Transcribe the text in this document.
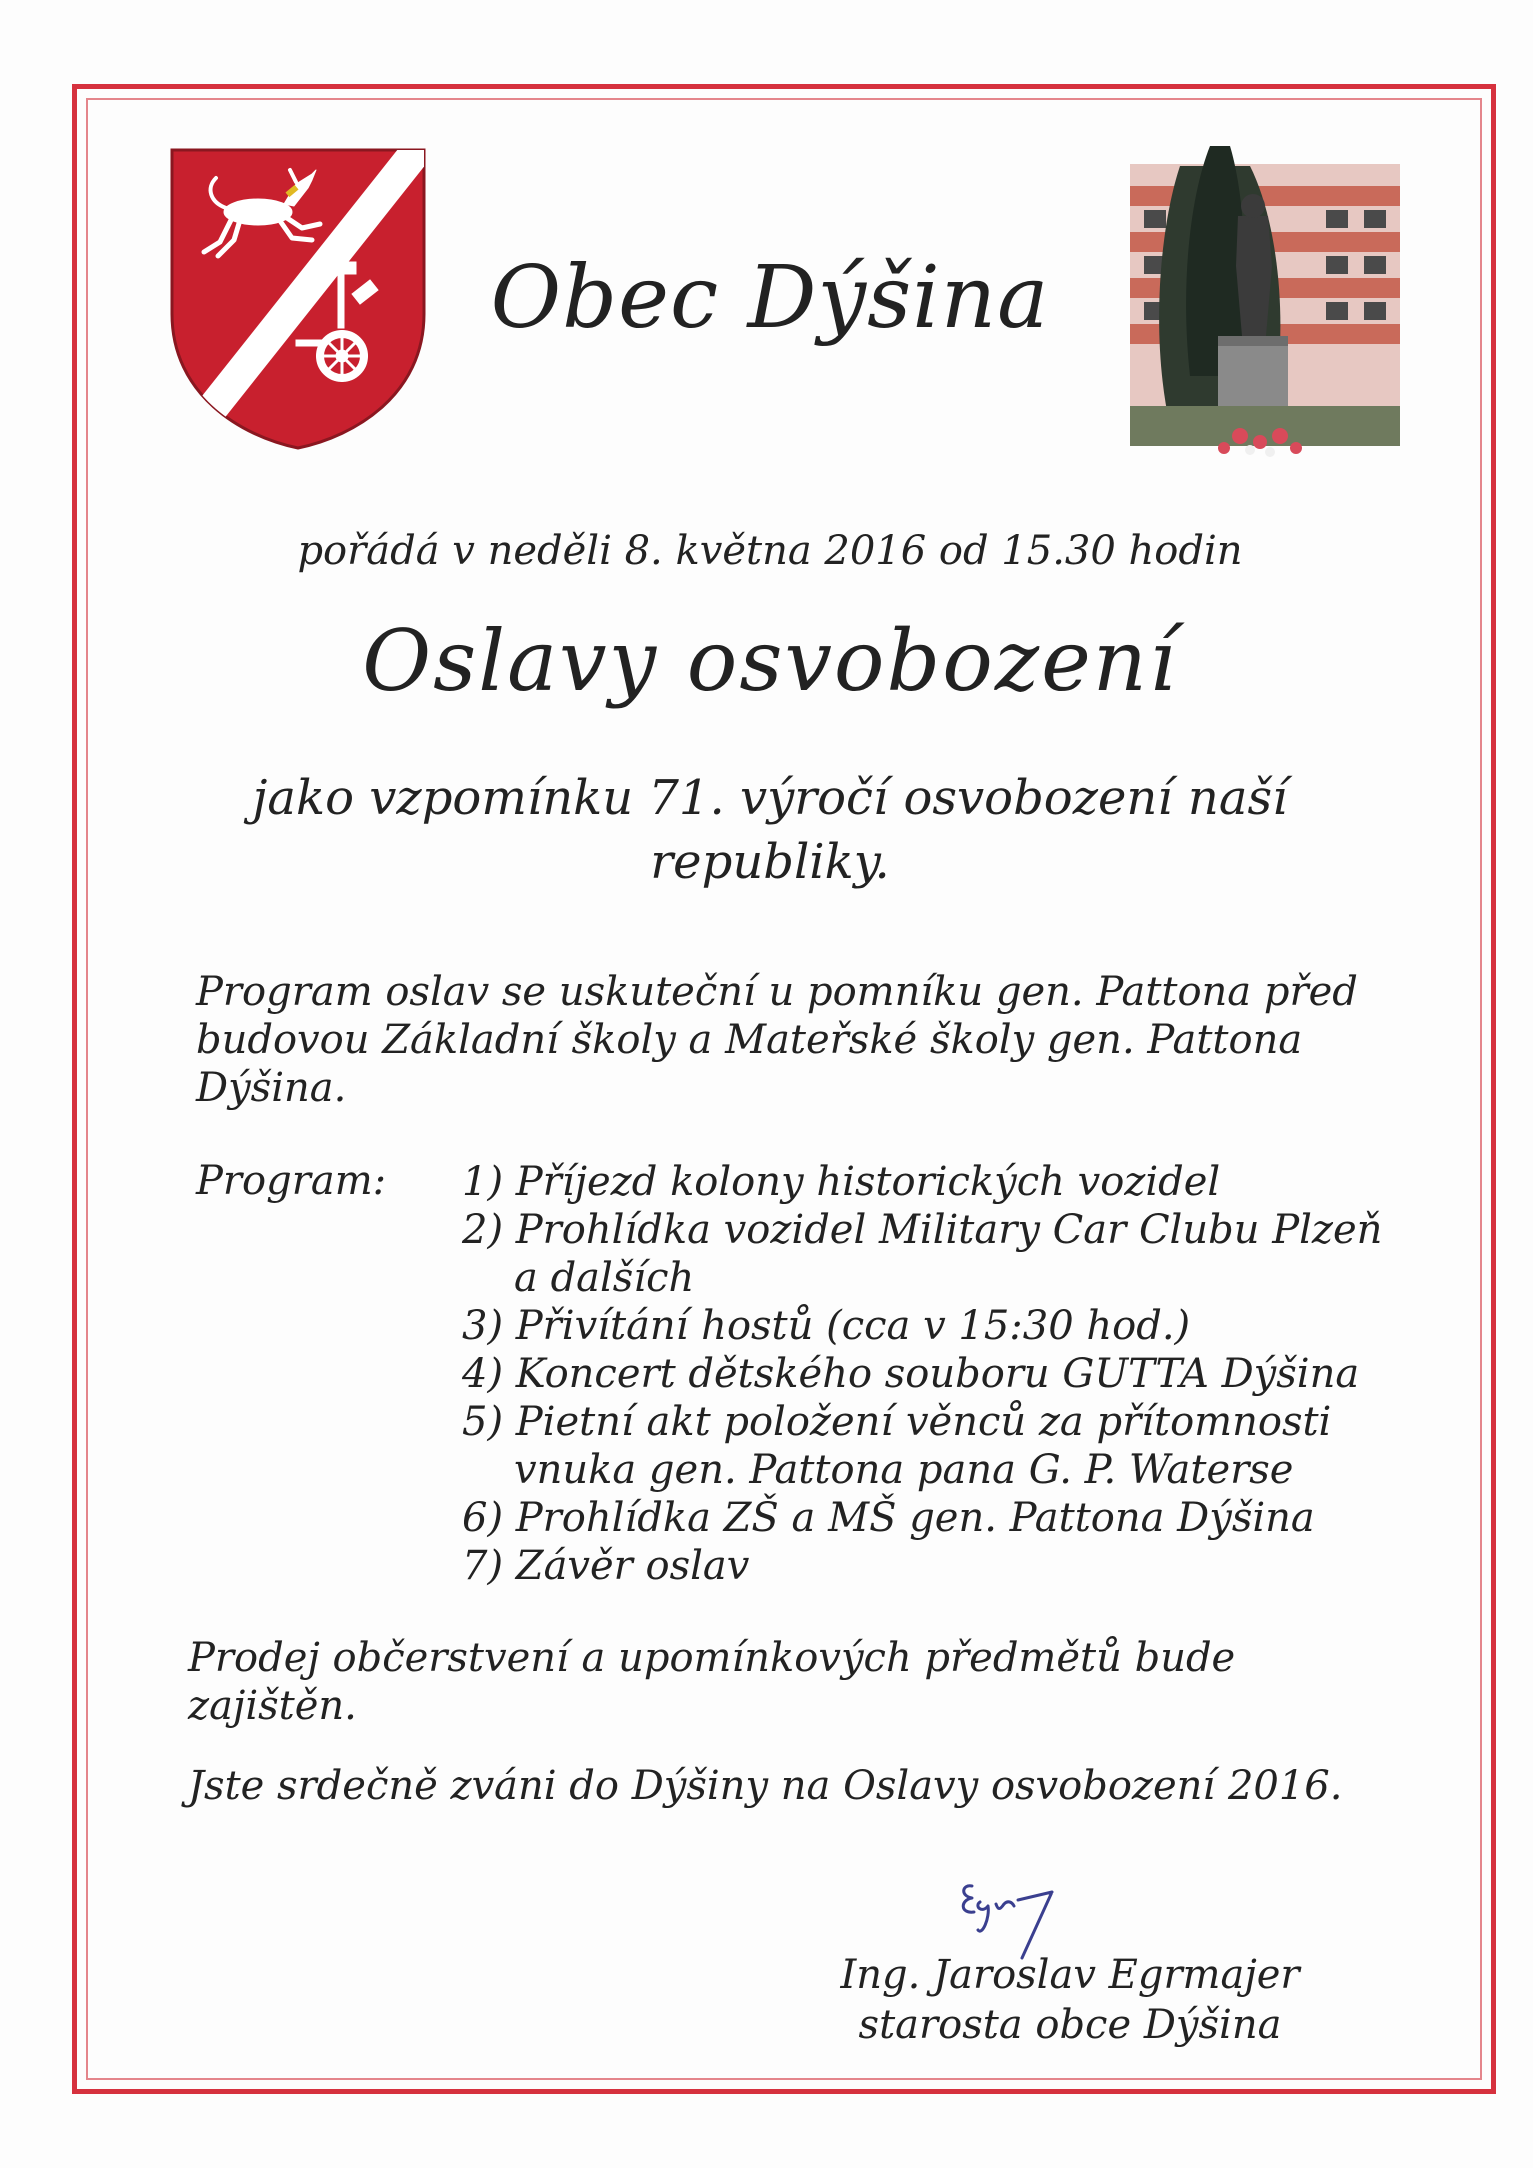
Obec Dýšina
pořádá v neděli 8. května 2016 od 15.30 hodin
Oslavy osvobození
jako vzpomínku 71. výročí osvobození naší
republiky.
Program oslav se uskuteční u pomníku gen. Pattona před budovou Základní školy a Mateřské školy gen. Pattona Dýšina.
Program: 1) Příjezd kolony historických vozidel
2) Prohlídka vozidel Military Car Clubu Plzeň a dalších
3) Přivítání hostů (cca v 15:30 hod.)
4) Koncert dětského souboru GUTTA Dýšina
5) Pietní akt položení věnců za přítomnosti vnuka gen. Pattona pana G. P. Waterse
6) Prohlídka ZŠ a MŠ gen. Pattona Dýšina
7) Závěr oslav
Prodej občerstvení a upomínkových předmětů bude zajištěn.
Jste srdečně zváni do Dýšiny na Oslavy osvobození 2016.
Ing. Jaroslav Egrmajer
starosta obce Dýšina
